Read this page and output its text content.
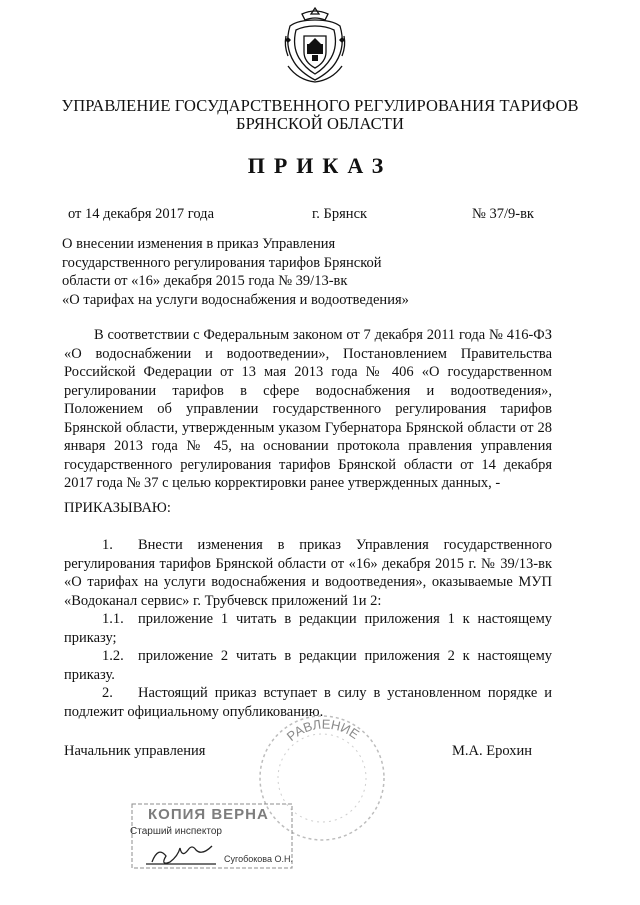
УПРАВЛЕНИЕ ГОСУДАРСТВЕННОГО РЕГУЛИРОВАНИЯ ТАРИФОВ
БРЯНСКОЙ ОБЛАСТИ
ПРИКАЗ
от 14 декабря 2017 года	г. Брянск	№ 37/9-вк
О внесении изменения в приказ Управления
государственного регулирования тарифов Брянской
области от «16» декабря 2015 года № 39/13-вк
«О тарифах на услуги водоснабжения и водоотведения»
В соответствии с Федеральным законом от 7 декабря 2011 года № 416-ФЗ «О водоснабжении и водоотведении», Постановлением Правительства Российской Федерации от 13 мая 2013 года № 406 «О государственном регулировании тарифов в сфере водоснабжения и водоотведения», Положением об управлении государственного регулирования тарифов Брянской области, утвержденным указом Губернатора Брянской области от 28 января 2013 года № 45, на основании протокола правления управления государственного регулирования тарифов Брянской области от 14 декабря 2017 года № 37 с целью корректировки ранее утвержденных данных, -
ПРИКАЗЫВАЮ:
1. Внести изменения в приказ Управления государственного регулирования тарифов Брянской области от «16» декабря 2015 г. № 39/13-вк «О тарифах на услуги водоснабжения и водоотведения», оказываемые МУП «Водоканал сервис» г. Трубчевск приложений 1и 2:
1.1. приложение 1 читать в редакции приложения 1 к настоящему приказу;
1.2. приложение 2 читать в редакции приложения 2 к настоящему приказу.
2. Настоящий приказ вступает в силу в установленном порядке и подлежит официальному опубликованию.
Начальник управления	М.А. Ерохин
РАВЛЕНИЕ
КОПИЯ ВЕРНА
Старший инспектор
Сугобокова О.Н.
